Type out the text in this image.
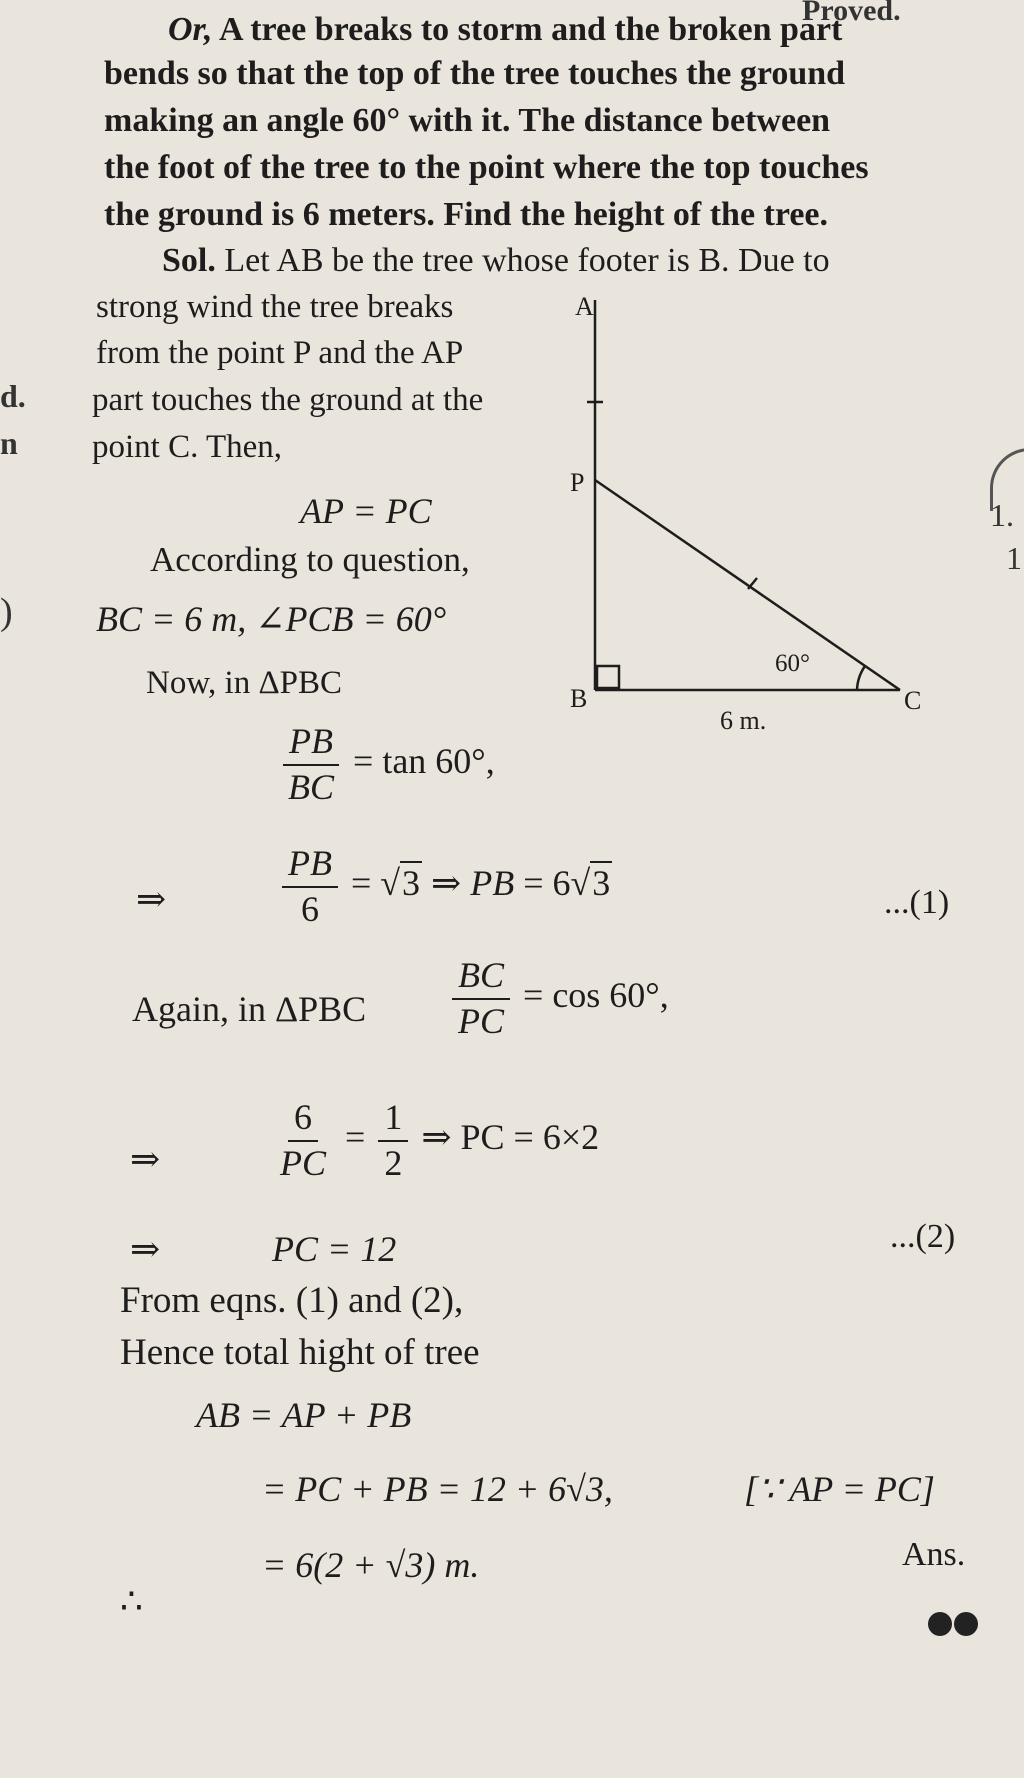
Proved.
d.
n
)
1.
1
Or, A tree breaks to storm and the broken part
bends so that the top of the tree touches the ground
making an angle 60° with it. The distance between
the foot of the tree to the point where the top touches
the ground is 6 meters. Find the height of the tree.
Sol. Let AB be the tree whose footer is B. Due to
strong wind the tree breaks
from the point P and the AP
part touches the ground at the
point C. Then,
AP = PC
According to question,
BC = 6 m, ∠PCB = 60°
Now, in ΔPBC
A
P
B	C
60°
6 m.
$\frac{PB}{BC} = \tan 60^\circ$,
⇒	$\frac{PB}{6} = √3$ ⇒ PB = 6√3	...(1)
Again, in ΔPBC $\frac{BC}{PC} = \cos 60^\circ$,
⇒	$\frac{6}{PC} = \frac{1}{2}$ ⇒ PC = 6×2
⇒	PC = 12	...(2)
From eqns. (1) and (2),
Hence total hight of tree
AB = AP + PB
= PC + PB = 12 + 6√3,	[∵ AP = PC]
∴
= 6(2 + √3) m.	Ans.
